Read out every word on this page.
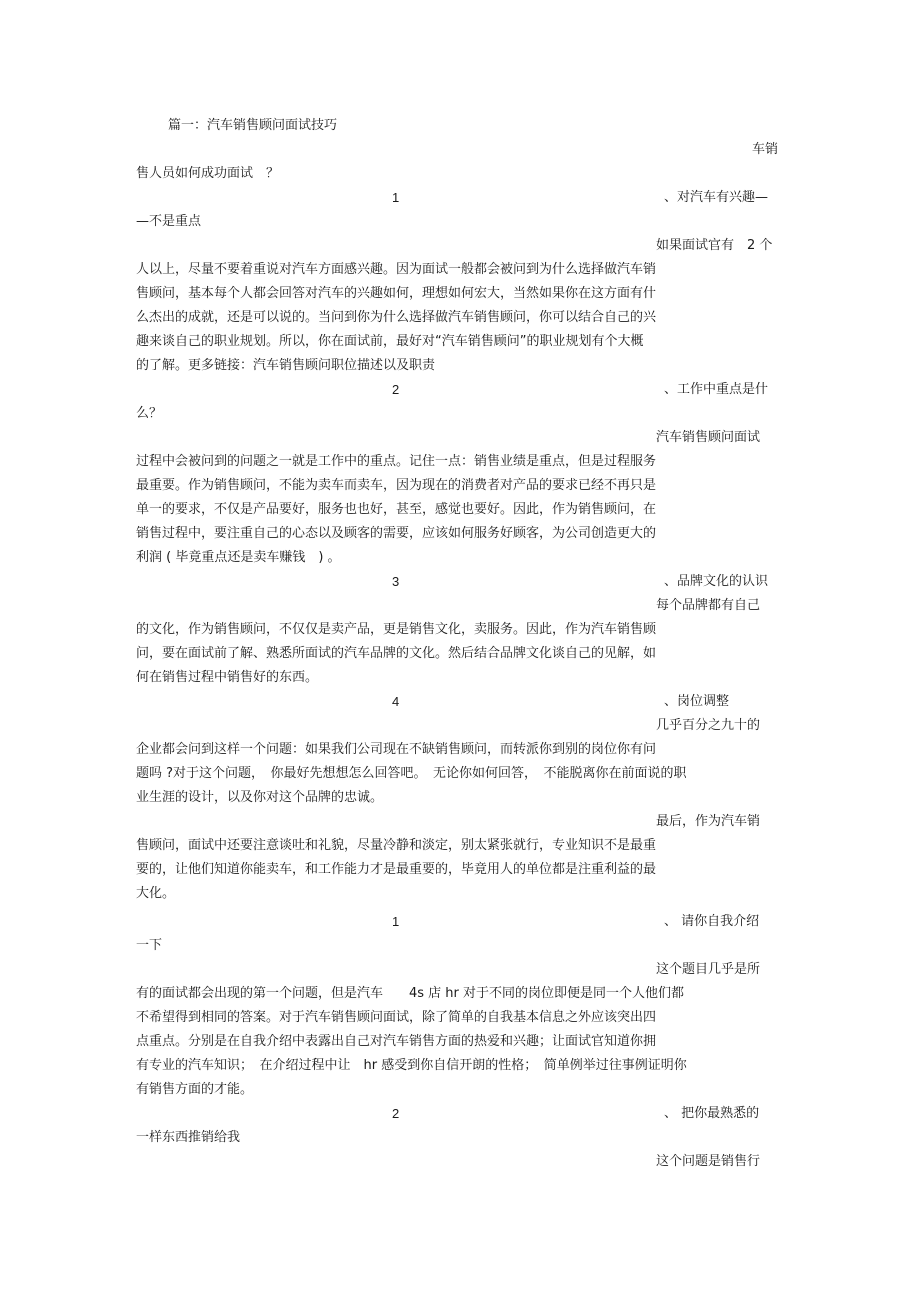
篇一：汽车销售顾问面试技巧
车销
售人员如何成功面试　？
1	、对汽车有兴趣—
—不是重点
如果面试官有　2 个
人以上，尽量不要着重说对汽车方面感兴趣。因为面试一般都会被问到为什么选择做汽车销
售顾问，基本每个人都会回答对汽车的兴趣如何，理想如何宏大，当然如果你在这方面有什
么杰出的成就，还是可以说的。当问到你为什么选择做汽车销售顾问，你可以结合自己的兴
趣来谈自己的职业规划。所以，你在面试前，最好对“汽车销售顾问”的职业规划有个大概
的了解。更多链接：汽车销售顾问职位描述以及职责
2	、工作中重点是什
么？
汽车销售顾问面试
过程中会被问到的问题之一就是工作中的重点。记住一点：销售业绩是重点，但是过程服务
最重要。作为销售顾问，不能为卖车而卖车，因为现在的消费者对产品的要求已经不再只是
单一的要求，不仅是产品要好，服务也也好，甚至，感觉也要好。因此，作为销售顾问，在
销售过程中，要注重自己的心态以及顾客的需要，应该如何服务好顾客，为公司创造更大的
利润 ( 毕竟重点还是卖车赚钱　) 。
3	、品牌文化的认识
每个品牌都有自己
的文化，作为销售顾问，不仅仅是卖产品，更是销售文化，卖服务。因此，作为汽车销售顾
问，要在面试前了解、熟悉所面试的汽车品牌的文化。然后结合品牌文化谈自己的见解，如
何在销售过程中销售好的东西。
4	、岗位调整
几乎百分之九十的
企业都会问到这样一个问题：如果我们公司现在不缺销售顾问，而转派你到别的岗位你有问
题吗 ?对于这个问题，　你最好先想想怎么回答吧。　无论你如何回答，　不能脱离你在前面说的职
业生涯的设计，以及你对这个品牌的忠诚。
最后，作为汽车销
售顾问，面试中还要注意谈吐和礼貌，尽量冷静和淡定，别太紧张就行，专业知识不是最重
要的，让他们知道你能卖车，和工作能力才是最重要的，毕竟用人的单位都是注重利益的最
大化。
1	、 请你自我介绍
一下
这个题目几乎是所
有的面试都会出现的第一个问题，但是汽车　　4s 店 hr 对于不同的岗位即便是同一个人他们都
不希望得到相同的答案。对于汽车销售顾问面试，除了简单的自我基本信息之外应该突出四
点重点。分别是在自我介绍中表露出自己对汽车销售方面的热爱和兴趣；让面试官知道你拥
有专业的汽车知识；　在介绍过程中让　hr 感受到你自信开朗的性格；　简单例举过往事例证明你
有销售方面的才能。
2	、 把你最熟悉的
一样东西推销给我
这个问题是销售行
